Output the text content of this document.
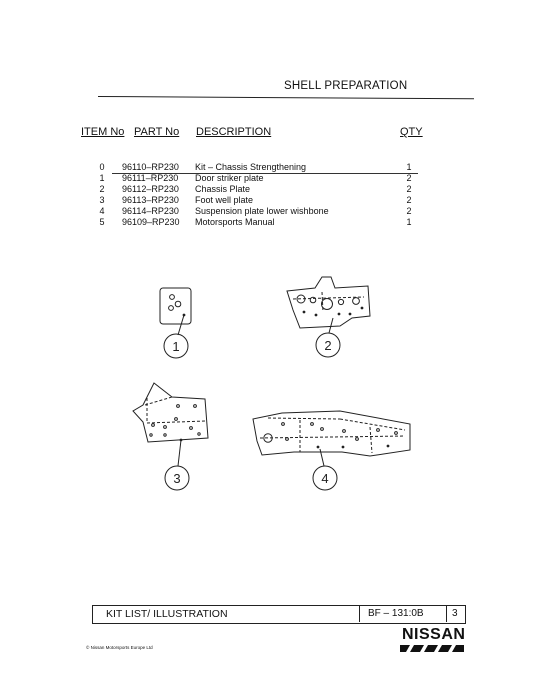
SHELL PREPARATION
ITEM No PART No DESCRIPTION	QTY
0 96110–RP230 Kit – Chassis Strengthening	1
1 96111–RP230 Door striker plate	2
2 96112–RP230 Chassis Plate	2
3 96113–RP230 Foot well plate	2
4 96114–RP230 Suspension plate lower wishbone	2
5 96109–RP230 Motorsports Manual	1
1	2
3	4
KIT LIST/ ILLUSTRATION	BF – 131:0B	3
© Nissan Motorsports Europe Ltd
NISSAN
